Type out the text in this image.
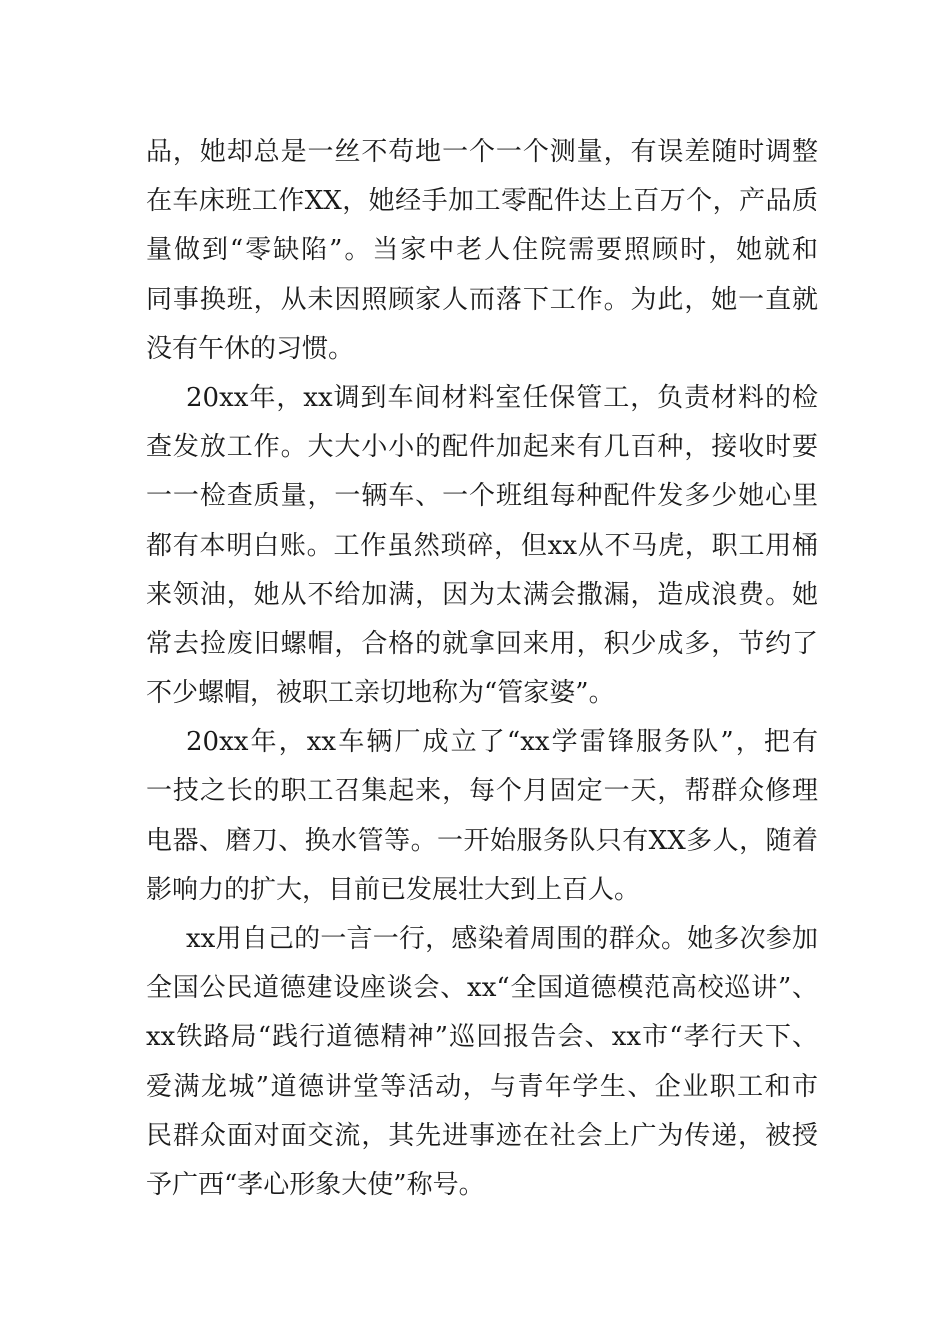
品，她却总是一丝不苟地一个一个测量，有误差随时调整
在车床班工作XX，她经手加工零配件达上百万个，产品质
量做到“零缺陷”。当家中老人住院需要照顾时，她就和
同事换班，从未因照顾家人而落下工作。为此，她一直就
没有午休的习惯。
20xx年，xx调到车间材料室任保管工，负责材料的检
查发放工作。大大小小的配件加起来有几百种，接收时要
一一检查质量，一辆车、一个班组每种配件发多少她心里
都有本明白账。工作虽然琐碎，但xx从不马虎，职工用桶
来领油，她从不给加满，因为太满会撒漏，造成浪费。她
常去捡废旧螺帽，合格的就拿回来用，积少成多，节约了
不少螺帽，被职工亲切地称为“管家婆”。
20xx年，xx车辆厂成立了“xx学雷锋服务队”，把有
一技之长的职工召集起来，每个月固定一天，帮群众修理
电器、磨刀、换水管等。一开始服务队只有XX多人，随着
影响力的扩大，目前已发展壮大到上百人。
xx用自己的一言一行，感染着周围的群众。她多次参加
全国公民道德建设座谈会、xx“全国道德模范高校巡讲”、
xx铁路局“践行道德精神”巡回报告会、xx市“孝行天下、
爱满龙城”道德讲堂等活动，与青年学生、企业职工和市
民群众面对面交流，其先进事迹在社会上广为传递，被授
予广西“孝心形象大使”称号。
